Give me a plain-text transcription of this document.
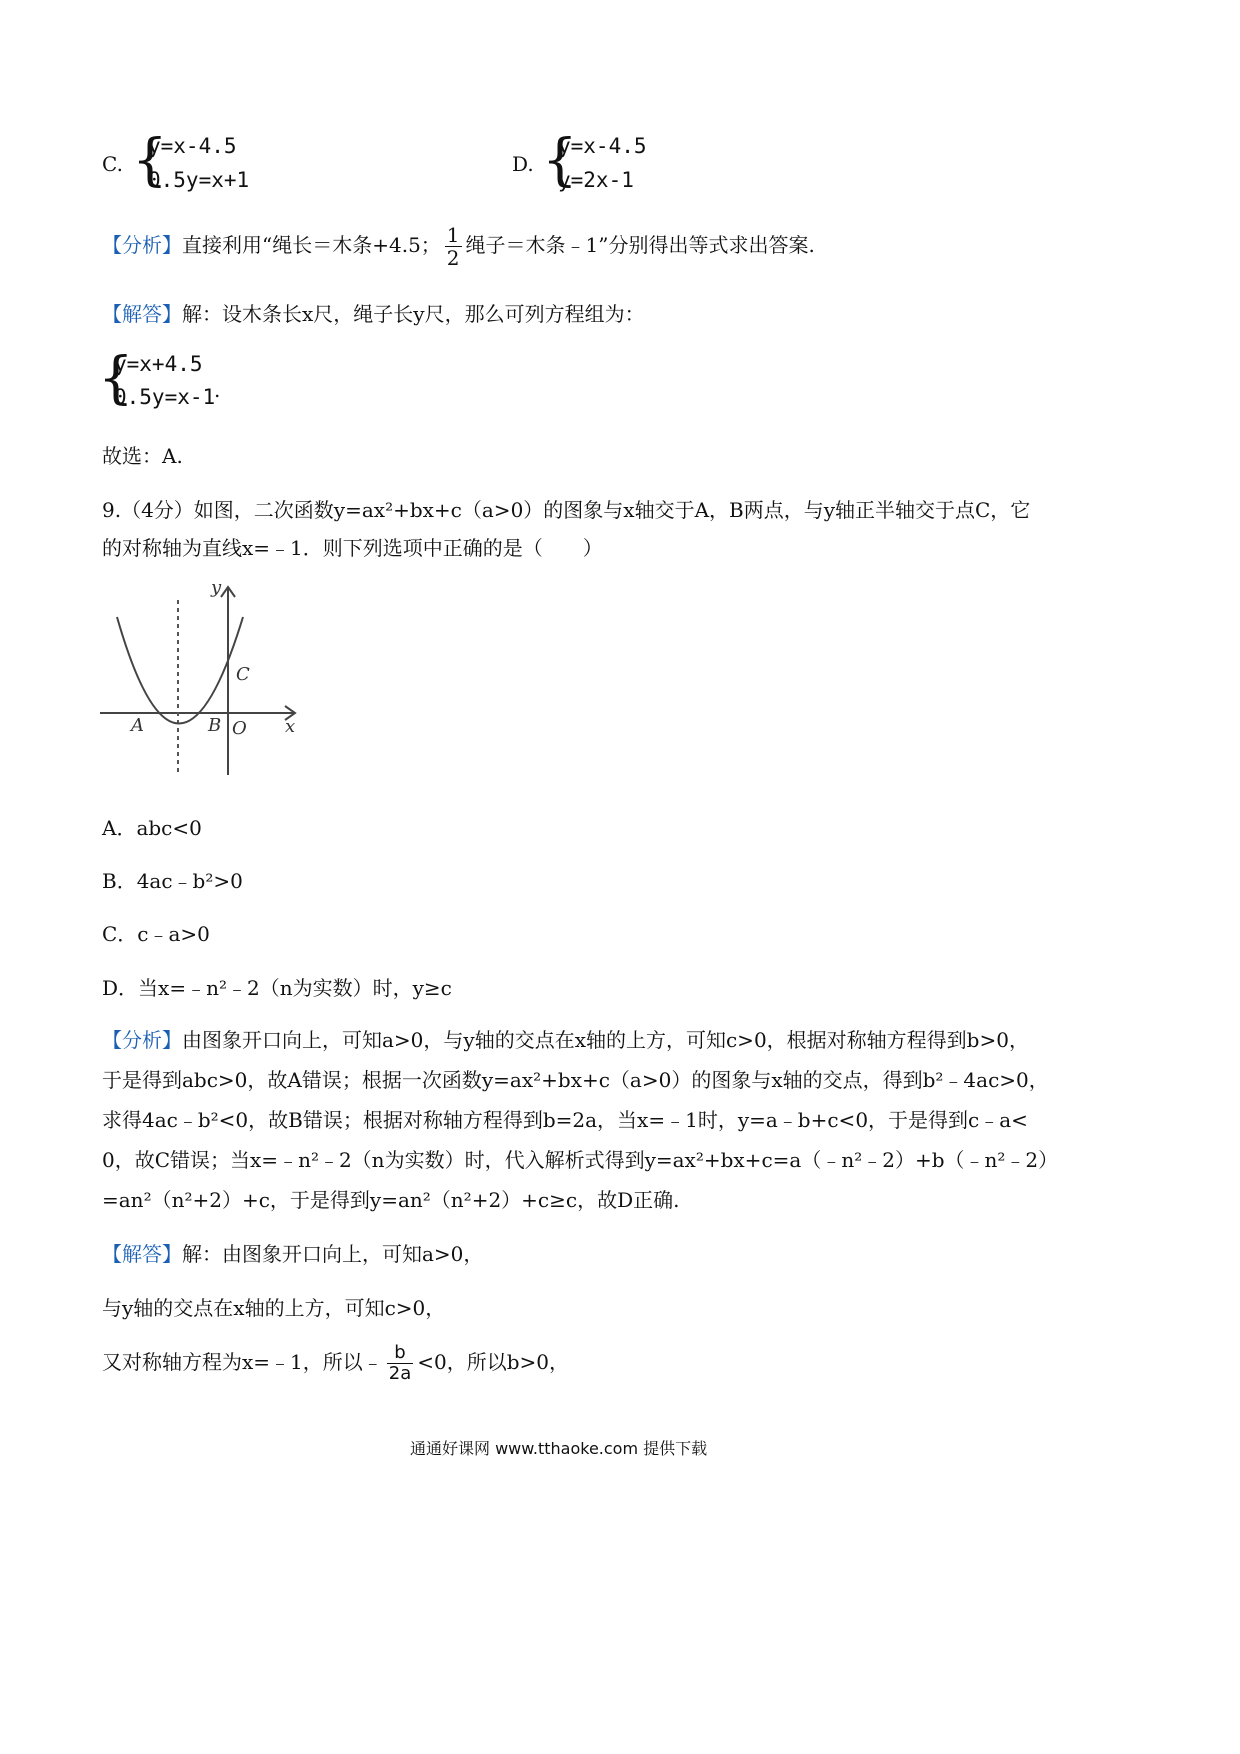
C. {
y=x-4.5
0.5y=x+1
D. {
y=x-4.5
y=2x-1
【分析】直接利用“绳长＝木条+4.5； $\frac{1}{2}$ 绳子＝木条﹣1”分别得出等式求出答案.
【解答】解：设木条长x尺，绳子长y尺，那么可列方程组为：
{
y=x+4.5
0.5y=x-1
.
故选：A.
9.（4分）如图，二次函数y=ax²+bx+c（a>0）的图象与x轴交于A，B两点，与y轴正半轴交于点C，它
的对称轴为直线x=﹣1．则下列选项中正确的是（　　）
y
x
A	B O
C
A．abc<0
B．4ac﹣b²>0
C．c﹣a>0
D．当x=﹣n²﹣2（n为实数）时，y≥c
【分析】由图象开口向上，可知a>0，与y轴的交点在x轴的上方，可知c>0，根据对称轴方程得到b>0，
于是得到abc>0，故A错误；根据一次函数y=ax²+bx+c（a>0）的图象与x轴的交点，得到b²﹣4ac>0，
求得4ac﹣b²<0，故B错误；根据对称轴方程得到b=2a，当x=﹣1时，y=a﹣b+c<0，于是得到c﹣a<
0，故C错误；当x=﹣n²﹣2（n为实数）时，代入解析式得到y=ax²+bx+c=a（﹣n²﹣2）+b（﹣n²﹣2）
=an²（n²+2）+c，于是得到y=an²（n²+2）+c≥c，故D正确.
【解答】解：由图象开口向上，可知a>0，
与y轴的交点在x轴的上方，可知c>0，
又对称轴方程为x=﹣1，所以﹣ $\frac{b}{2a} <0$，所以b>0，
通通好课网 www.tthaoke.com 提供下载
